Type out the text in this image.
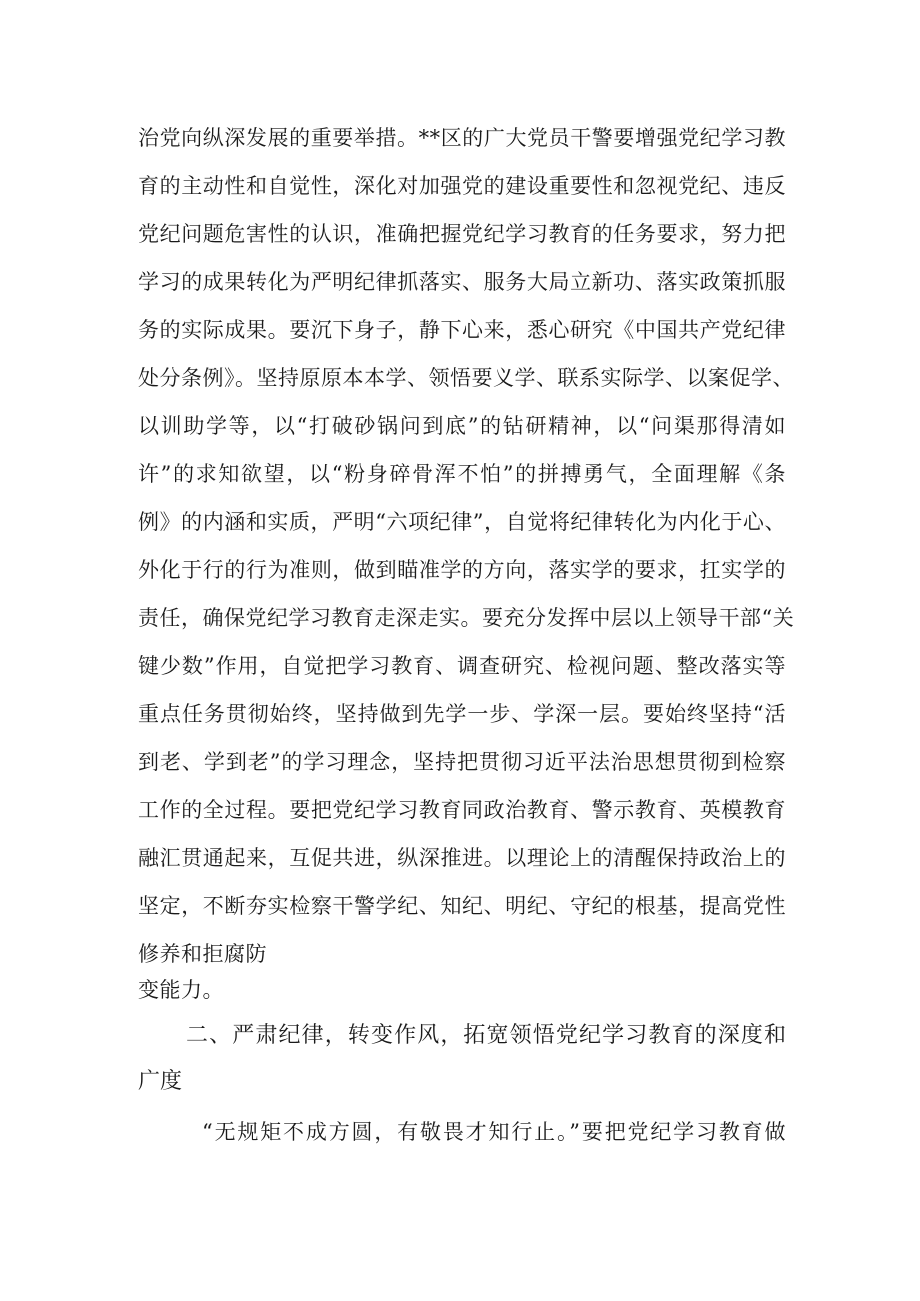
治党向纵深发展的重要举措。**区的广大党员干警要增强党纪学习教
育的主动性和自觉性，深化对加强党的建设重要性和忽视党纪、违反
党纪问题危害性的认识，准确把握党纪学习教育的任务要求，努力把
学习的成果转化为严明纪律抓落实、服务大局立新功、落实政策抓服
务的实际成果。要沉下身子，静下心来，悉心研究《中国共产党纪律
处分条例》。坚持原原本本学、领悟要义学、联系实际学、以案促学、
以训助学等，以“打破砂锅问到底”的钻研精神，以“问渠那得清如
许”的求知欲望，以“粉身碎骨浑不怕”的拼搏勇气，全面理解《条
例》的内涵和实质，严明“六项纪律”，自觉将纪律转化为内化于心、
外化于行的行为准则，做到瞄准学的方向，落实学的要求，扛实学的
责任，确保党纪学习教育走深走实。要充分发挥中层以上领导干部“关
键少数”作用，自觉把学习教育、调查研究、检视问题、整改落实等
重点任务贯彻始终，坚持做到先学一步、学深一层。要始终坚持“活
到老、学到老”的学习理念，坚持把贯彻习近平法治思想贯彻到检察
工作的全过程。要把党纪学习教育同政治教育、警示教育、英模教育
融汇贯通起来，互促共进，纵深推进。以理论上的清醒保持政治上的
坚定，不断夯实检察干警学纪、知纪、明纪、守纪的根基，提高党性
修养和拒腐防
变能力。
二、严肃纪律，转变作风，拓宽领悟党纪学习教育的深度和
广度
“无规矩不成方圆，有敬畏才知行止。”要把党纪学习教育做
